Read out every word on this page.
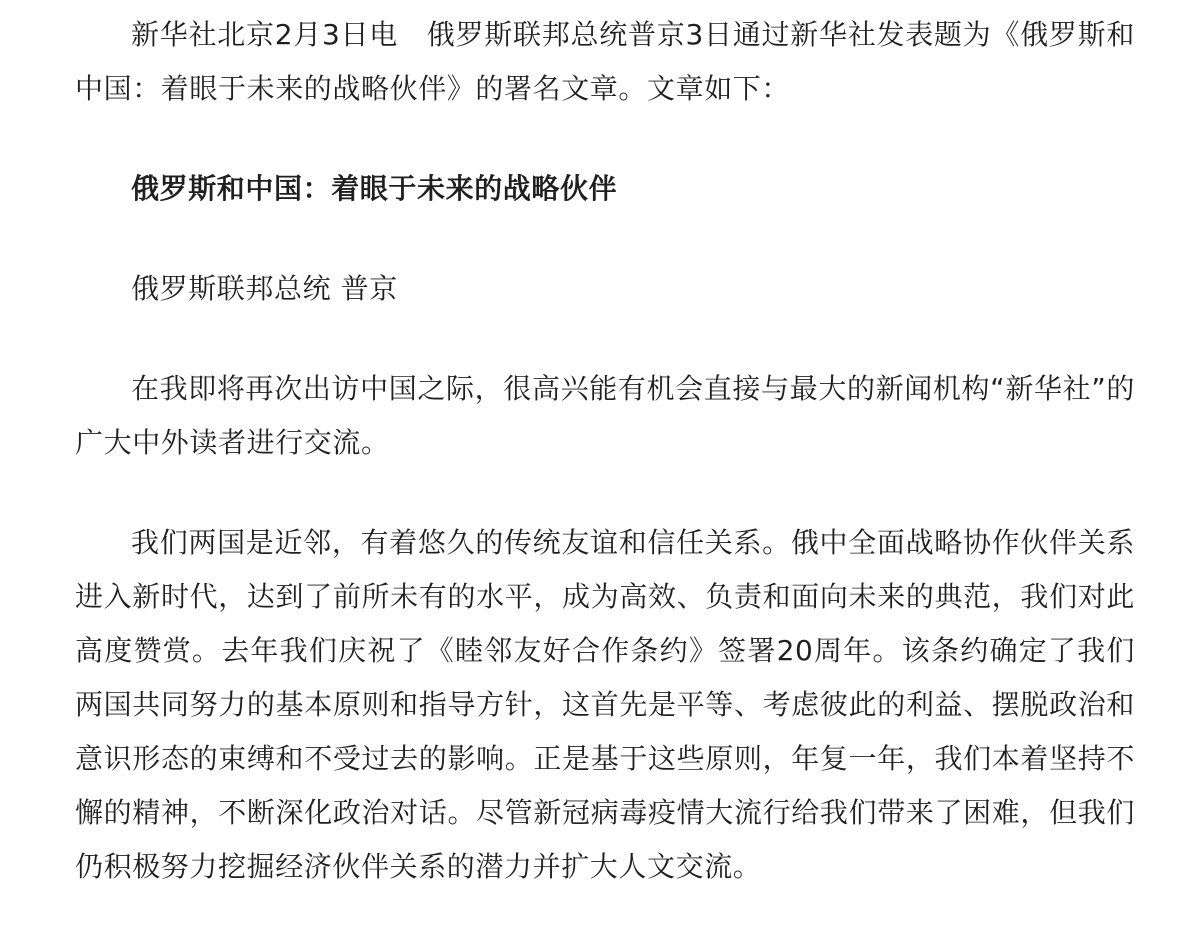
新华社北京2月3日电　俄罗斯联邦总统普京3日通过新华社发表题为《俄罗斯和中国：着眼于未来的战略伙伴》的署名文章。文章如下：

俄罗斯和中国：着眼于未来的战略伙伴

俄罗斯联邦总统 普京

在我即将再次出访中国之际，很高兴能有机会直接与最大的新闻机构“新华社”的广大中外读者进行交流。

我们两国是近邻，有着悠久的传统友谊和信任关系。俄中全面战略协作伙伴关系进入新时代，达到了前所未有的水平，成为高效、负责和面向未来的典范，我们对此高度赞赏。去年我们庆祝了《睦邻友好合作条约》签署20周年。该条约确定了我们两国共同努力的基本原则和指导方针，这首先是平等、考虑彼此的利益、摆脱政治和意识形态的束缚和不受过去的影响。正是基于这些原则，年复一年，我们本着坚持不懈的精神，不断深化政治对话。尽管新冠病毒疫情大流行给我们带来了困难，但我们仍积极努力挖掘经济伙伴关系的潜力并扩大人文交流。
